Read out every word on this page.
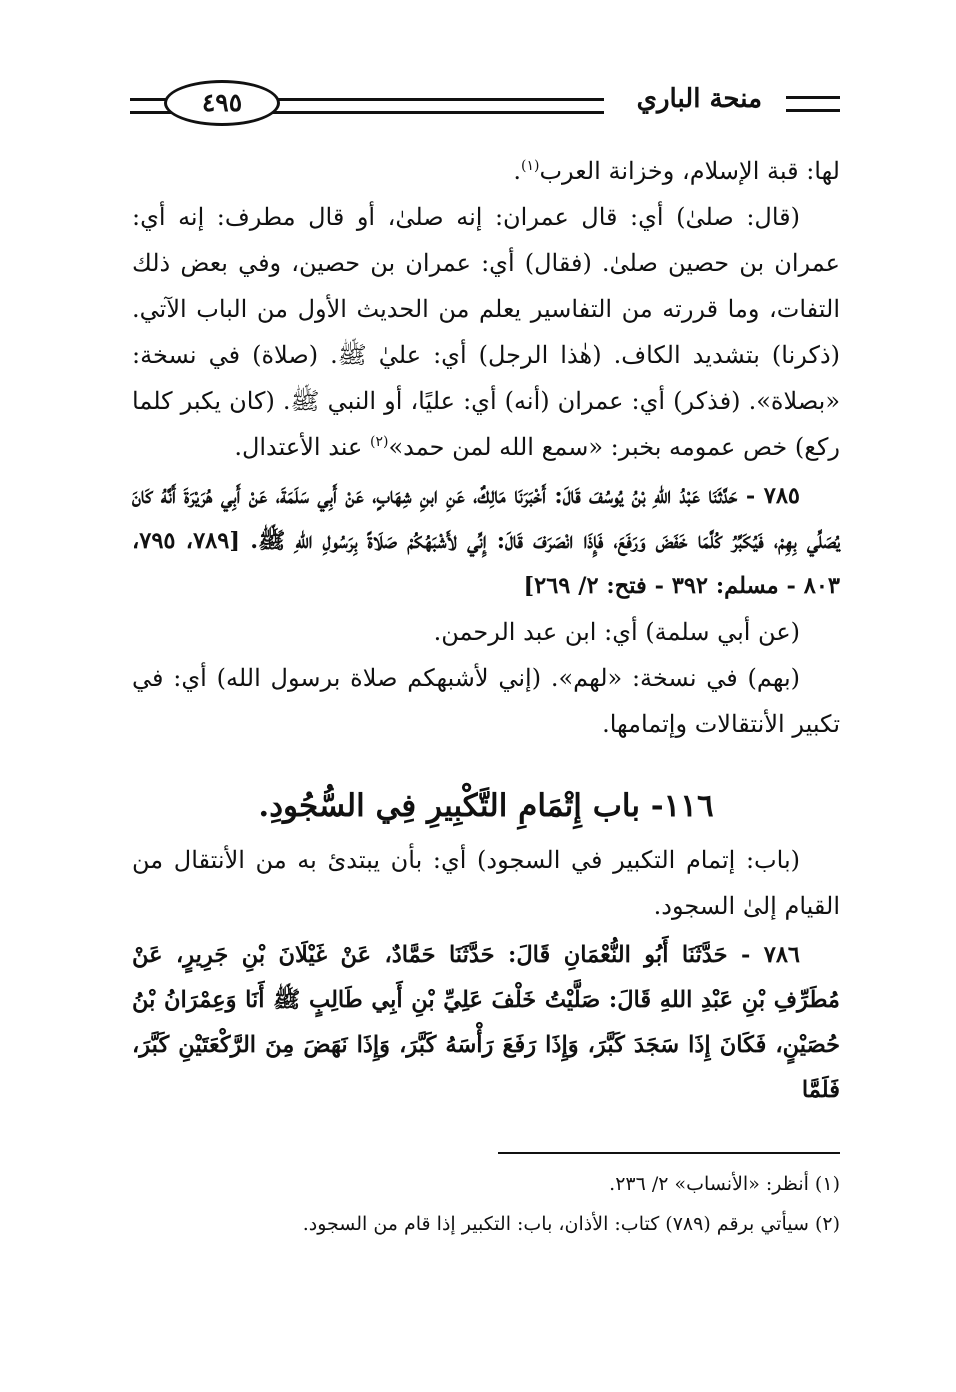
منحة الباري
٤٩٥

لها: قبة الإسلام، وخزانة العرب$^{(١)}$.

(قال: صلىٰ) أي: قال عمران: إنه صلىٰ، أو قال مطرف: إنه أي: عمران بن حصين صلىٰ. (فقال) أي: عمران بن حصين، وفي بعض ذلك التفات، وما قررته من التفاسير يعلم من الحديث الأول من الباب الآتي. (ذكرنا) بتشديد الكاف. (هٰذا الرجل) أي: عليٰ ﷺ. (صلاة) في نسخة: «بصلاة». (فذكر) أي: عمران (أنه) أي: عليًا، أو النبي ﷺ. (كان يكبر كلما ركع) خص عمومه بخبر: «سمع الله لمن حمد»$^{(٢)}$ عند الأعتدال.

٧٨٥ - حَدَّثَنَا عَبْدُ اللهِ بْنُ يُوسُفَ قَالَ: أَخْبَرَنَا مَالِكٌ، عَنِ ابنِ شِهَابٍ، عَنْ أَبِي سَلَمَةَ، عَنْ أَبِي هُرَيْرَةَ أَنَّهُ كَانَ يُصَلِّي بِهِمْ، فَيُكَبِّرُ كُلَّمَا خَفَضَ وَرَفَعَ، فَإِذَا انْصَرَفَ قَالَ: إِنِّي لأَشْبَهُكُمْ صَلَاةً بِرَسُولِ اللهِ ﷺ. [٧٨٩، ٧٩٥، ٨٠٣ - مسلم: ٣٩٢ - فتح: ٢/ ٢٦٩]

(عن أبي سلمة) أي: ابن عبد الرحمن.

(بهم) في نسخة: «لهم». (إني لأشبهكم صلاة برسول الله) أي: في تكبير الأنتقالات وإتمامها.

١١٦- باب إِتْمَامِ التَّكْبِيرِ فِي السُّجُودِ.

(باب: إتمام التكبير في السجود) أي: بأن يبتدئ به من الأنتقال من القيام إلىٰ السجود.

٧٨٦ - حَدَّثَنَا أَبُو النُّعْمَانِ قَالَ: حَدَّثَنَا حَمَّادٌ، عَنْ غَيْلَانَ بْنِ جَرِيرٍ، عَنْ مُطَرِّفِ بْنِ عَبْدِ اللهِ قَالَ: صَلَّيْتُ خَلْفَ عَلِيِّ بْنِ أَبِي طَالِبٍ ﷺ أَنَا وَعِمْرَانُ بْنُ حُصَيْنٍ، فَكَانَ إِذَا سَجَدَ كَبَّرَ، وَإِذَا رَفَعَ رَأْسَهُ كَبَّرَ، وَإِذَا نَهَضَ مِنَ الرَّكْعَتَيْنِ كَبَّرَ، فَلَمَّا

(١) أنظر: «الأنساب» ٢/ ٢٣٦.

(٢) سيأتي برقم (٧٨٩) كتاب: الأذان، باب: التكبير إذا قام من السجود.
